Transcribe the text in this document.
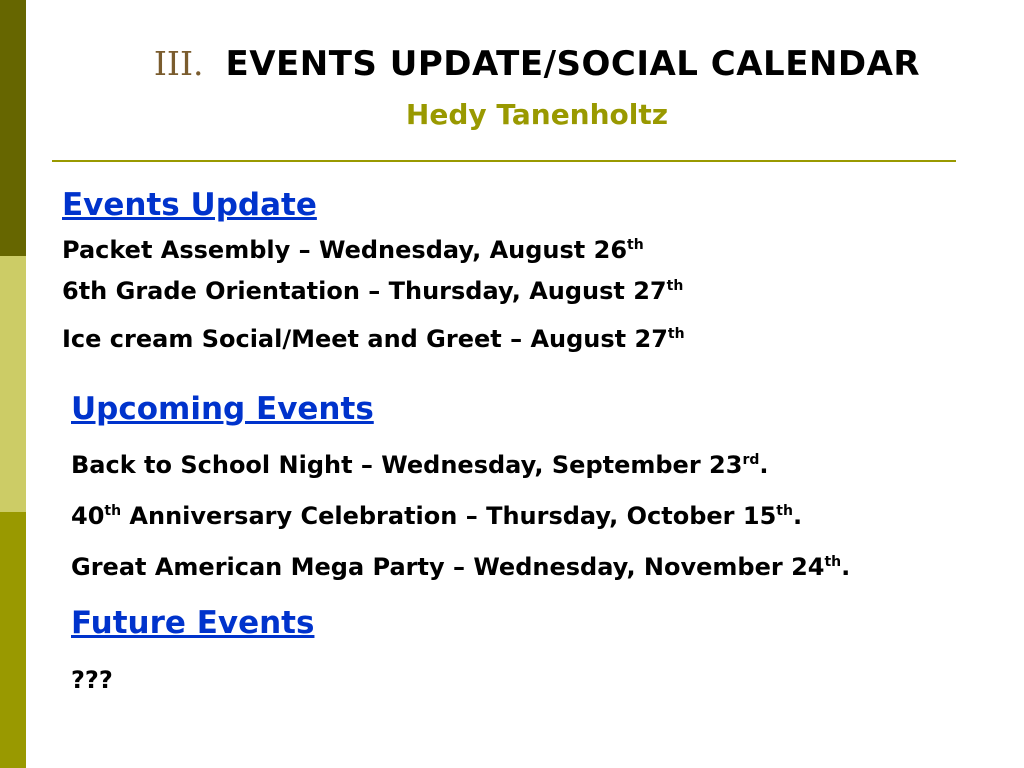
III. EVENTS UPDATE/SOCIAL CALENDAR
Hedy Tanenholtz
Events Update
Packet Assembly – Wednesday, August 26th
6th Grade Orientation – Thursday, August 27th
Ice cream Social/Meet and Greet – August 27th
Upcoming Events
Back to School Night – Wednesday, September 23rd.
40th Anniversary Celebration – Thursday, October 15th.
Great American Mega Party – Wednesday, November 24th.
Future Events
???
